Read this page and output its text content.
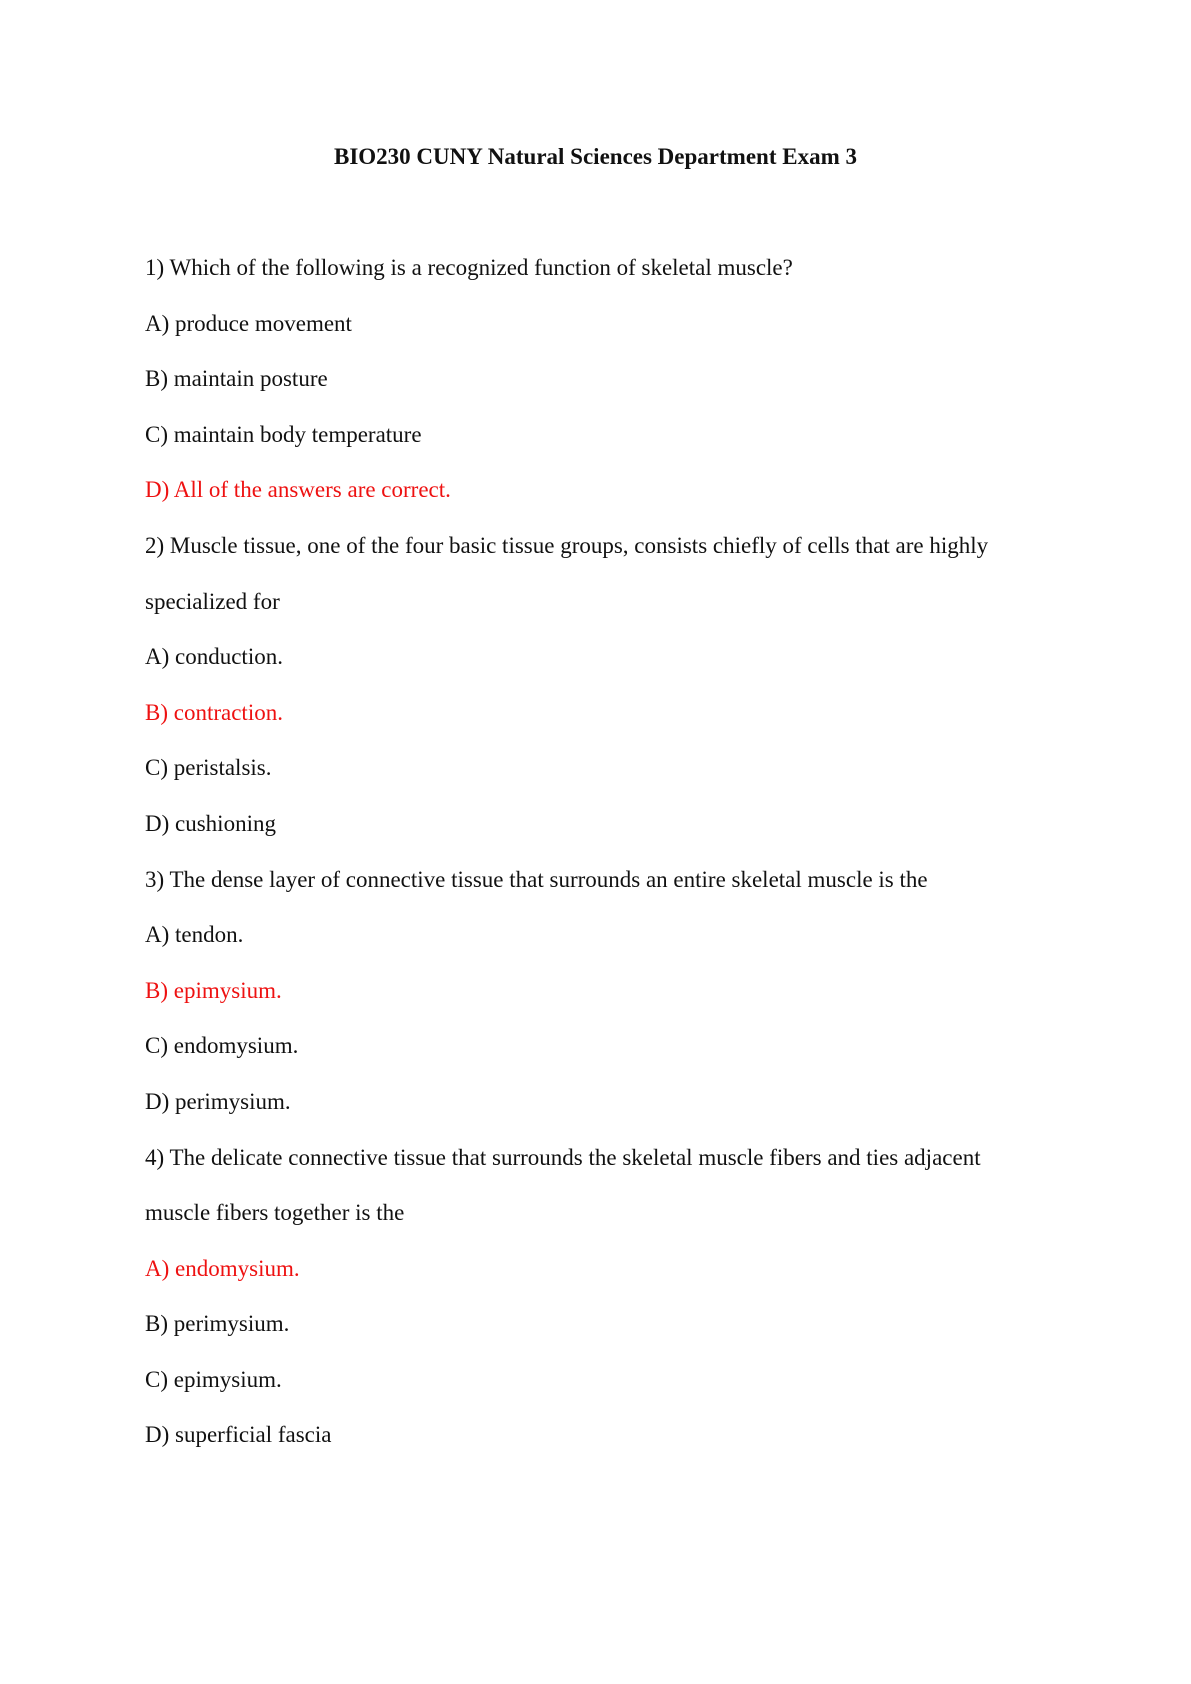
BIO230 CUNY Natural Sciences Department Exam 3
1) Which of the following is a recognized function of skeletal muscle?
A) produce movement
B) maintain posture
C) maintain body temperature
D) All of the answers are correct.
2) Muscle tissue, one of the four basic tissue groups, consists chiefly of cells that are highly
specialized for
A) conduction.
B) contraction.
C) peristalsis.
D) cushioning
3) The dense layer of connective tissue that surrounds an entire skeletal muscle is the
A) tendon.
B) epimysium.
C) endomysium.
D) perimysium.
4) The delicate connective tissue that surrounds the skeletal muscle fibers and ties adjacent
muscle fibers together is the
A) endomysium.
B) perimysium.
C) epimysium.
D) superficial fascia
